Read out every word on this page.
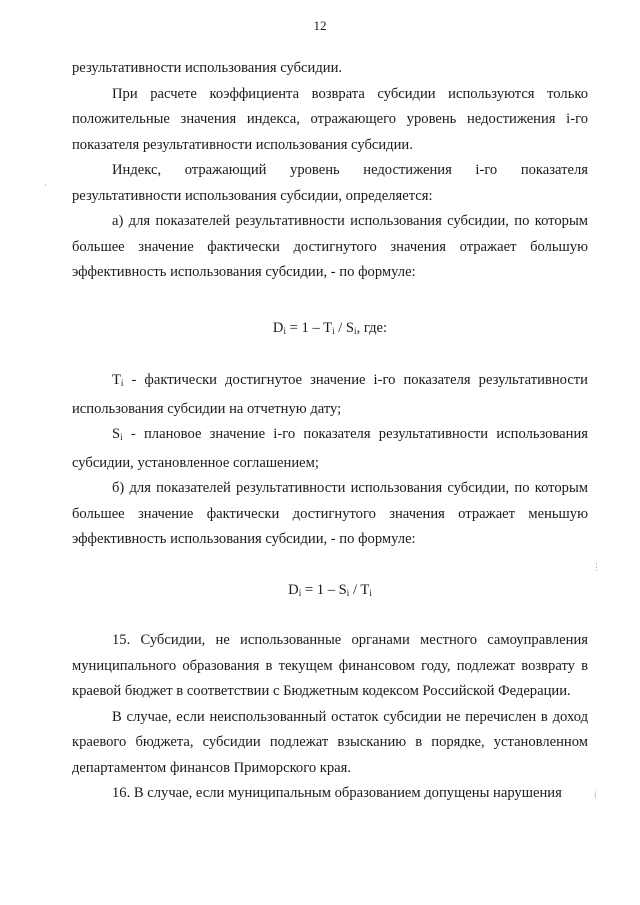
12

результативности использования субсидии.

При расчете коэффициента возврата субсидии используются только положительные значения индекса, отражающего уровень недостижения i-го показателя результативности использования субсидии.

Индекс, отражающий уровень недостижения i-го показателя результативности использования субсидии, определяется:

а) для показателей результативности использования субсидии, по которым большее значение фактически достигнутого значения отражает большую эффективность использования субсидии, - по формуле:

$D_i = 1 - T_i / S_i$, где:

$T_i$ - фактически достигнутое значение i-го показателя результативности использования субсидии на отчетную дату;

$S_i$ - плановое значение i-го показателя результативности использования субсидии, установленное соглашением;

б) для показателей результативности использования субсидии, по которым большее значение фактически достигнутого значения отражает меньшую эффективность использования субсидии, - по формуле:

$D_i = 1 - S_i / T_i$

15. Субсидии, не использованные органами местного самоуправления муниципального образования в текущем финансовом году, подлежат возврату в краевой бюджет в соответствии с Бюджетным кодексом Российской Федерации.

В случае, если неиспользованный остаток субсидии не перечислен в доход краевого бюджета, субсидии подлежат взысканию в порядке, установленном департаментом финансов Приморского края.

16. В случае, если муниципальным образованием допущены нарушения

·
⋮
⁞
